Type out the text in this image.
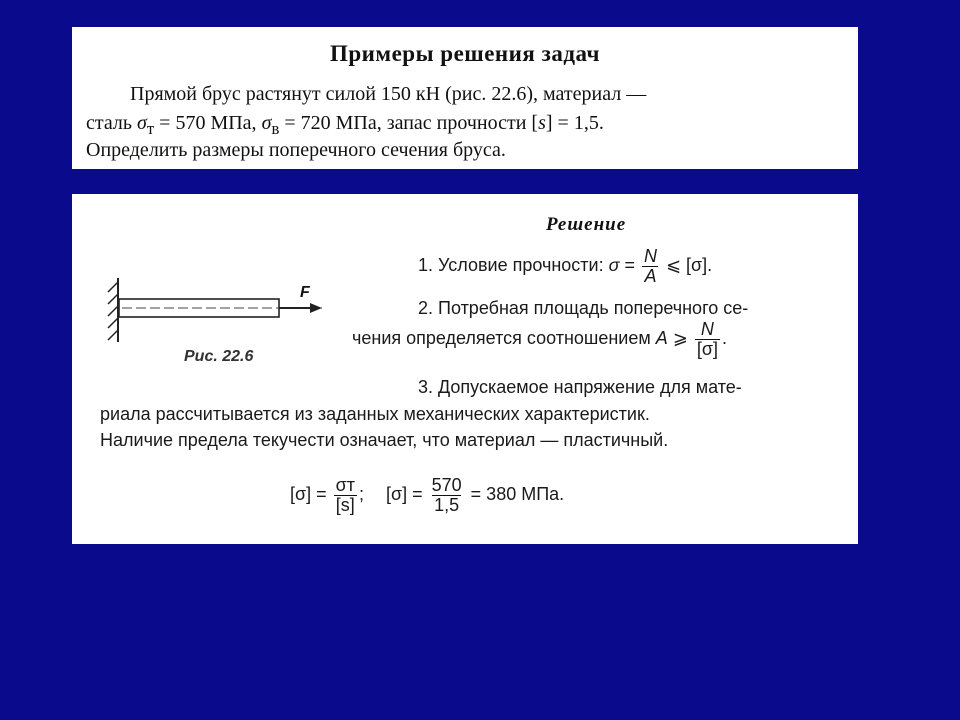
Примеры решения задач
Прямой брус растянут силой 150 кН (рис. 22.6), материал —
сталь $\sigma_т = 570$ МПа, $\sigma_в = 720$ МПа, запас прочности [s] = 1,5.
Определить размеры поперечного сечения бруса.
F
Рис. 22.6
Решение
1. Условие прочности: $\sigma = \frac{N}{A}$ ⩽ [σ].
2. Потребная площадь поперечного се-
чения определяется соотношением A ⩾ $\frac{N}{[\sigma]}$ .
3. Допускаемое напряжение для мате-
риала рассчитывается из заданных механических характеристик.
Наличие предела текучести означает, что материал — пластичный.
$[\sigma] = \frac{\sigma т}{[s]}$ ; $[\sigma] = \frac{570}{1,5} = 380$ МПа.
